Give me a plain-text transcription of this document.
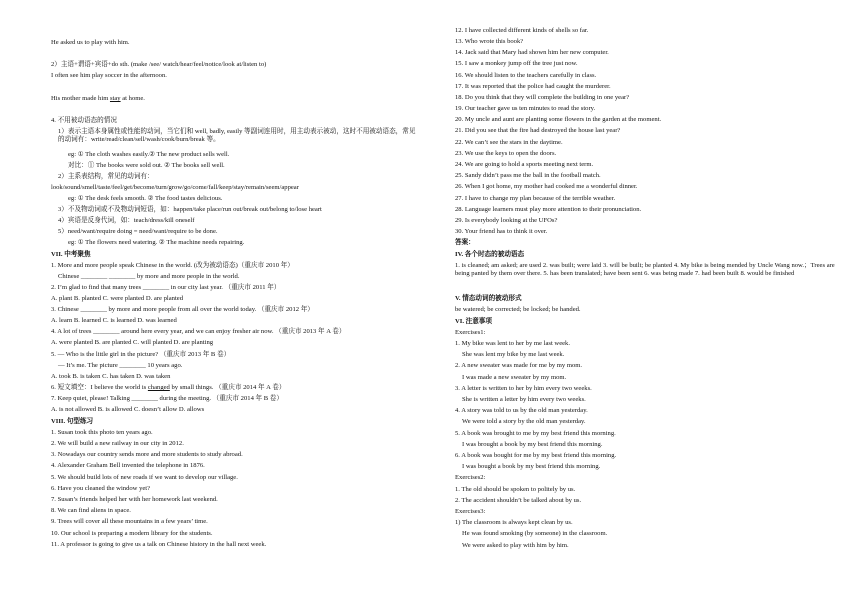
He asked us to play with him.
2）主语+谓语+宾语+do sth. (make /see/ watch/hear/feel/notice/look at/listen to)
I often see him play soccer in the afternoon.
His mother made him stay at home.
4. 不用被动语态的情况
1）表示主语本身属性或性能的动词，当它们和 well, badly, easily 等副词连用时，用主动表示被动，这时不用被动语态，常见的动词有：write/read/clean/sell/wash/cook/burn/break 等。
eg: ① The cloth washes easily.② The new product sells well.
对比：① The books were sold out. ② The books sell well.
2）主系表结构，常见的动词有：
look/sound/smell/taste/feel/get/become/turn/grow/go/come/fall/keep/stay/remain/seem/appear
eg: ① The desk feels smooth. ② The food tastes delicious.
3）不及物动词或不及物动词短语，如：happen/take place/run out/break out/belong to/lose heart
4）宾语是反身代词，如：teach/dress/kill oneself
5）need/want/require doing = need/want/require to be done.
eg: ① The flowers need watering. ② The machine needs repairing.
VII. 中考聚焦
1. More and more people speak Chinese in the world. (改为被动语态)（重庆市 2010 年）
Chinese ________ ________ by more and more people in the world.
2. I’m glad to find that many trees ________ in our city last year. （重庆市 2011 年）
A. plant B. planted C. were planted D. are planted
3. Chinese ________ by more and more people from all over the world today. （重庆市 2012 年）
A. learn B. learned C. is learned D. was learned
4. A lot of trees ________ around here every year, and we can enjoy fresher air now. （重庆市 2013 年 A 卷）
A. were planted B. are planted C. will planted D. are planting
5. — Who is the little girl in the picture? （重庆市 2013 年 B 卷）
— It’s me. The picture ________ 10 years ago.
A. took B. is taken C. has taken D. was taken
6. 短文填空：I believe the world is changed by small things. （重庆市 2014 年 A 卷）
7. Keep quiet, please! Talking ________ during the meeting. （重庆市 2014 年 B 卷）
A. is not allowed B. is allowed C. doesn’t allow D. allows
VIII. 句型练习
1. Susan took this photo ten years ago.
2. We will build a new railway in our city in 2012.
3. Nowadays our country sends more and more students to study abroad.
4. Alexander Graham Bell invented the telephone in 1876.
5. We should build lots of new roads if we want to develop our village.
6. Have you cleaned the window yet?
7. Susan’s friends helped her with her homework last weekend.
8. We can find aliens in space.
9. Trees will cover all these mountains in a few years’ time.
10. Our school is preparing a modern library for the students.
11. A professor is going to give us a talk on Chinese history in the hall next week.
12. I have collected different kinds of shells so far.
13. Who wrote this book?
14. Jack said that Mary had shown him her new computer.
15. I saw a monkey jump off the tree just now.
16. We should listen to the teachers carefully in class.
17. It was reported that the police had caught the murderer.
18. Do you think that they will complete the building in one year?
19. Our teacher gave us ten minutes to read the story.
20. My uncle and aunt are planting some flowers in the garden at the moment.
21. Did you see that the fire had destroyed the house last year?
22. We can’t see the stars in the daytime.
23. We use the keys to open the doors.
24. We are going to hold a sports meeting next term.
25. Sandy didn’t pass me the ball in the football match.
26. When I got home, my mother had cooked me a wonderful dinner.
27. I have to change my plan because of the terrible weather.
28. Language learners must play more attention to their pronunciation.
29. Is everybody looking at the UFOs?
30. Your friend has to think it over.
答案：
IV. 各个时态的被动语态
1. is cleaned; am asked; are used 2. was built; were laid 3. will be built; be planted 4. My bike is being mended by Uncle Wang now.；Trees are being panted by them over there. 5. has been translated; have been sent 6. was being made 7. had been built 8. would be finished
V. 情态动词的被动形式
be watered; be corrected; be locked; be handed.
VI. 注意事项
Exercises1:
1. My bike was lent to her by me last week.
She was lent my bike by me last week.
2. A new sweater was made for me by my mom.
I was made a new sweater by my mom.
3. A letter is written to her by him every two weeks.
She is written a letter by him every two weeks.
4. A story was told to us by the old man yesterday.
We were told a story by the old man yesterday.
5. A book was brought to me by my best friend this morning.
I was brought a book by my best friend this morning.
6. A book was bought for me by my best friend this morning.
I was bought a book by my best friend this morning.
Exercises2:
1. The old should be spoken to politely by us.
2. The accident shouldn’t be talked about by us.
Exercises3:
1) The classroom is always kept clean by us.
He was found smoking (by someone) in the classroom.
We were asked to play with him by him.
